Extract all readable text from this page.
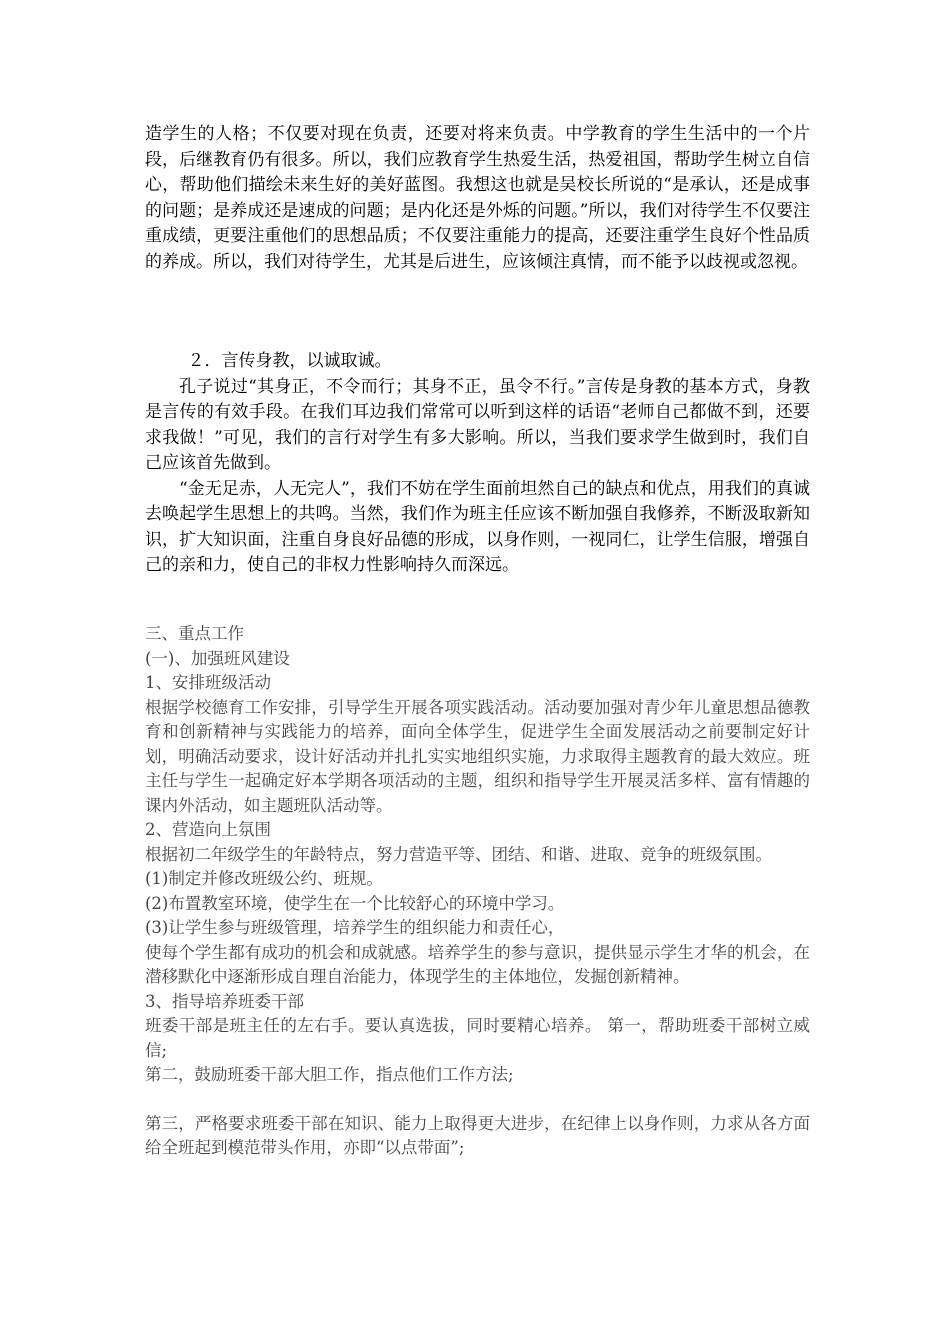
造学生的人格；不仅要对现在负责，还要对将来负责。中学教育的学生生活中的一个片段，后继教育仍有很多。所以，我们应教育学生热爱生活，热爱祖国，帮助学生树立自信心，帮助他们描绘未来生好的美好蓝图。我想这也就是吴校长所说的“是承认，还是成事的问题；是养成还是速成的问题；是内化还是外烁的问题。”所以，我们对待学生不仅要注重成绩，更要注重他们的思想品质；不仅要注重能力的提高，还要注重学生良好个性品质的养成。所以，我们对待学生，尤其是后进生，应该倾注真情，而不能予以歧视或忽视。

２．言传身教，以诚取诚。

孔子说过“其身正，不令而行；其身不正，虽令不行。”言传是身教的基本方式，身教是言传的有效手段。在我们耳边我们常常可以听到这样的话语“老师自己都做不到，还要求我做！”可见，我们的言行对学生有多大影响。所以，当我们要求学生做到时，我们自己应该首先做到。

“金无足赤，人无完人”，我们不妨在学生面前坦然自己的缺点和优点，用我们的真诚去唤起学生思想上的共鸣。当然，我们作为班主任应该不断加强自我修养，不断汲取新知识，扩大知识面，注重自身良好品德的形成，以身作则，一视同仁，让学生信服，增强自己的亲和力，使自己的非权力性影响持久而深远。

三、重点工作
(一)、加强班风建设
1、安排班级活动
根据学校德育工作安排，引导学生开展各项实践活动。活动要加强对青少年儿童思想品德教育和创新精神与实践能力的培养，面向全体学生，促进学生全面发展活动之前要制定好计划，明确活动要求，设计好活动并扎扎实实地组织实施，力求取得主题教育的最大效应。班主任与学生一起确定好本学期各项活动的主题，组织和指导学生开展灵活多样、富有情趣的课内外活动，如主题班队活动等。
2、营造向上氛围
根据初二年级学生的年龄特点，努力营造平等、团结、和谐、进取、竞争的班级氛围。
(1)制定并修改班级公约、班规。
(2)布置教室环境，使学生在一个比较舒心的环境中学习。
(3)让学生参与班级管理，培养学生的组织能力和责任心，
使每个学生都有成功的机会和成就感。培养学生的参与意识，提供显示学生才华的机会，在潜移默化中逐渐形成自理自治能力，体现学生的主体地位，发掘创新精神。
3、指导培养班委干部
班委干部是班主任的左右手。要认真选拔，同时要精心培养。 第一，帮助班委干部树立威信;
第二，鼓励班委干部大胆工作，指点他们工作方法;
第三，严格要求班委干部在知识、能力上取得更大进步，在纪律上以身作则，力求从各方面给全班起到模范带头作用，亦即“以点带面”;
